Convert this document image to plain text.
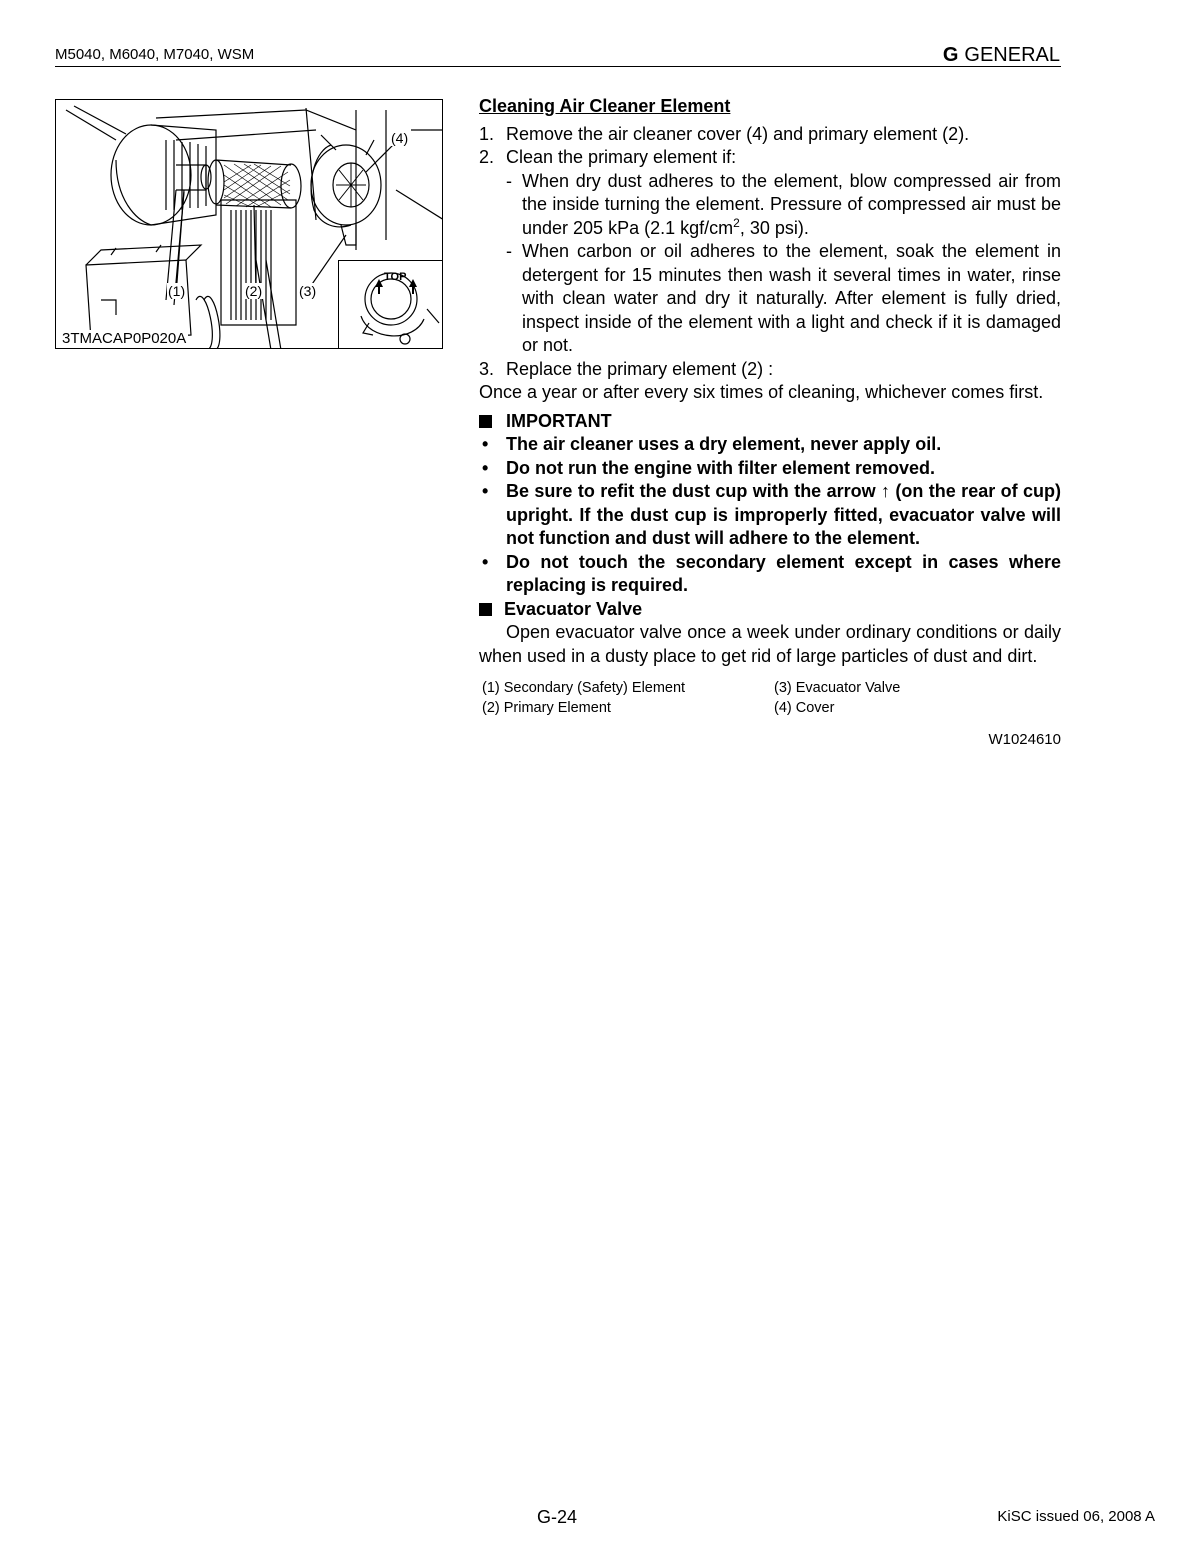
M5040, M6040, M7040, WSM	G GENERAL
(4)
(1)	(2)	(3)
TOP
3TMACAP0P020A

Cleaning Air Cleaner Element

1. Remove the air cleaner cover (4) and primary element (2).
2. Clean the primary element if:
- When dry dust adheres to the element, blow compressed air from the inside turning the element. Pressure of compressed air must be under 205 kPa (2.1 kgf/$cm^2$, 30 psi).
- When carbon or oil adheres to the element, soak the element in detergent for 15 minutes then wash it several times in water, rinse with clean water and dry it naturally. After element is fully dried, inspect inside of the element with a light and check if it is damaged or not.
3. Replace the primary element (2) :

Once a year or after every six times of cleaning, whichever comes first.

IMPORTANT
• The air cleaner uses a dry element, never apply oil.
• Do not run the engine with filter element removed.
• Be sure to refit the dust cup with the arrow ↑ (on the rear of cup) upright. If the dust cup is improperly fitted, evacuator valve will not function and dust will adhere to the element.
• Do not touch the secondary element except in cases where replacing is required.
Evacuator Valve

Open evacuator valve once a week under ordinary conditions or daily when used in a dusty place to get rid of large particles of dust and dirt.

(1) Secondary (Safety) Element	(3) Evacuator Valve
(2) Primary Element	(4) Cover
W1024610
G-24	KiSC issued 06, 2008 A
